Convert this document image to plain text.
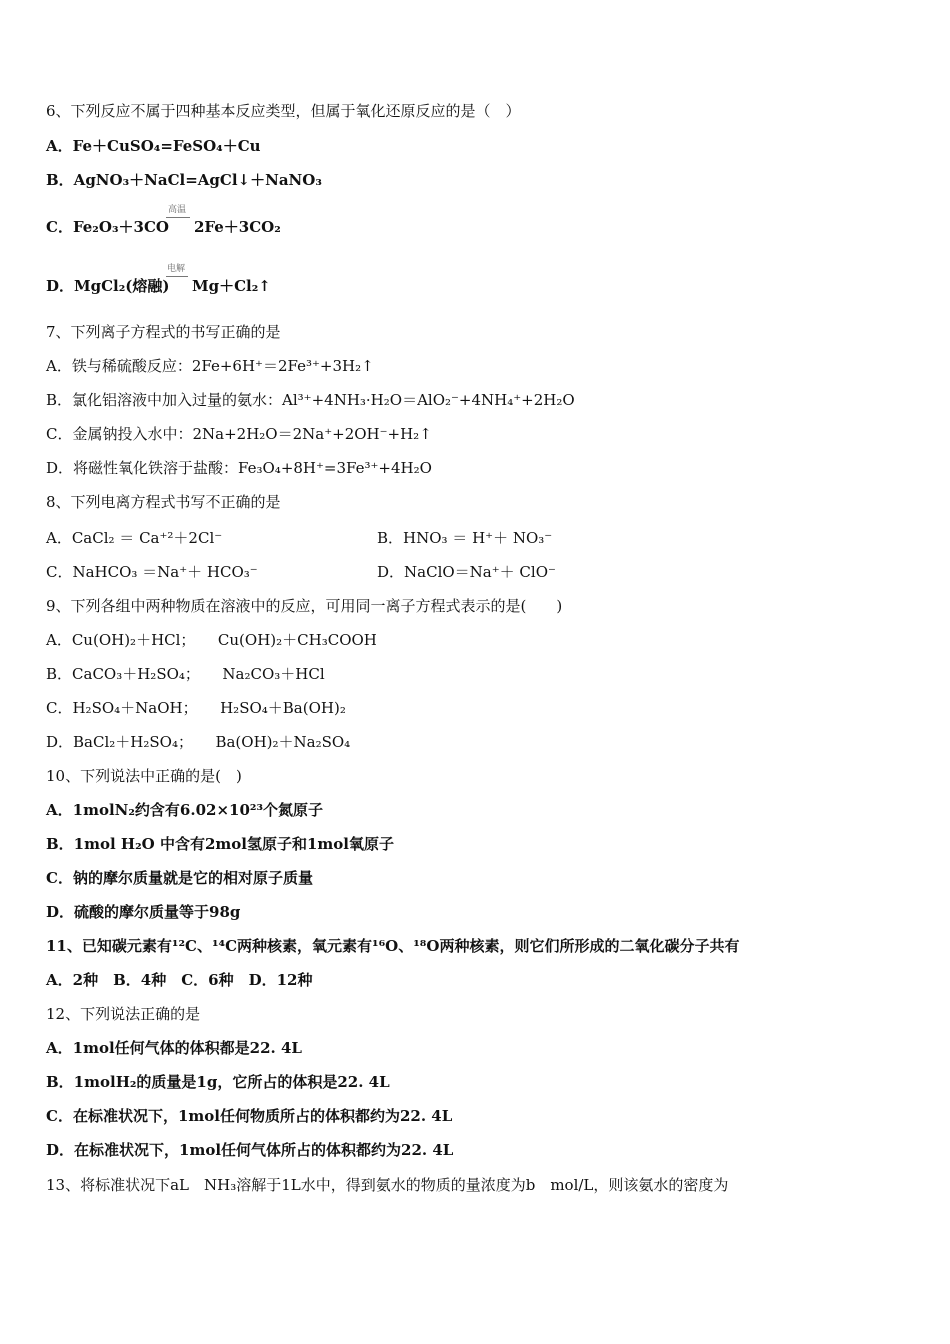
6、下列反应不属于四种基本反应类型，但属于氧化还原反应的是（　）
A．Fe＋CuSO₄=FeSO₄＋Cu
B．AgNO₃＋NaCl=AgCl↓＋NaNO₃
C．Fe₂O₃＋3CO
高温
2Fe＋3CO₂
D．MgCl₂(熔融)
电解
Mg＋Cl₂↑
7、下列离子方程式的书写正确的是
A．铁与稀硫酸反应：2Fe+6H⁺＝2Fe³⁺+3H₂↑
B．氯化铝溶液中加入过量的氨水：Al³⁺+4NH₃·H₂O＝AlO₂⁻+4NH₄⁺+2H₂O
C．金属钠投入水中：2Na+2H₂O＝2Na⁺+2OH⁻+H₂↑
D．将磁性氧化铁溶于盐酸：Fe₃O₄+8H⁺=3Fe³⁺+4H₂O
8、下列电离方程式书写不正确的是
A．CaCl₂ ＝ Ca⁺²＋2Cl⁻	B．HNO₃ ＝ H⁺＋ NO₃⁻
C．NaHCO₃ ＝Na⁺＋ HCO₃⁻	D．NaClO＝Na⁺＋ ClO⁻
9、下列各组中两种物质在溶液中的反应，可用同一离子方程式表示的是(　　)
A．Cu(OH)₂＋HCl；　　Cu(OH)₂＋CH₃COOH
B．CaCO₃＋H₂SO₄；　　Na₂CO₃＋HCl
C．H₂SO₄＋NaOH；　　H₂SO₄＋Ba(OH)₂
D．BaCl₂＋H₂SO₄；　　Ba(OH)₂＋Na₂SO₄
10、下列说法中正确的是(　)
A．1molN₂约含有6.02×10²³个氮原子
B．1mol H₂O 中含有2mol氢原子和1mol氧原子
C．钠的摩尔质量就是它的相对原子质量
D．硫酸的摩尔质量等于98g
11、已知碳元素有¹²C、¹⁴C两种核素，氧元素有¹⁶O、¹⁸O两种核素，则它们所形成的二氧化碳分子共有
A．2种　B．4种　C．6种　D．12种
12、下列说法正确的是
A．1mol任何气体的体积都是22. 4L
B．1molH₂的质量是1g，它所占的体积是22. 4L
C．在标准状况下，1mol任何物质所占的体积都约为22. 4L
D．在标准状况下，1mol任何气体所占的体积都约为22. 4L
13、将标准状况下aL　NH₃溶解于1L水中，得到氨水的物质的量浓度为b　mol/L，则该氨水的密度为
